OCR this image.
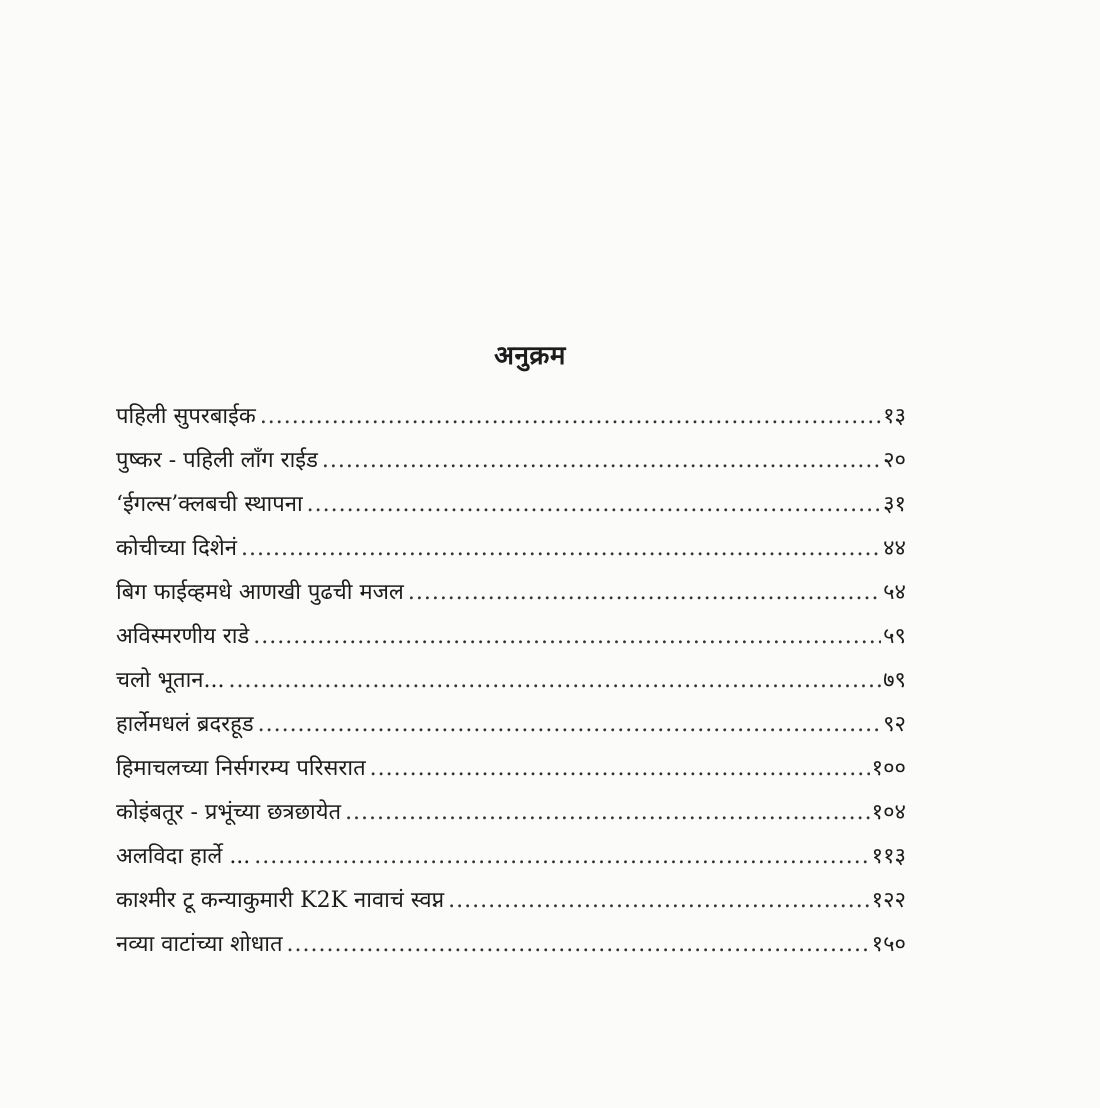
अनुक्रम
पहिली सुपरबाईक .....	१३
पुष्कर - पहिली लाँग राईड .....	२०
‘ईगल्स’क्लबची स्थापना .....	३१
कोचीच्या दिशेनं .....	४४
बिग फाईव्हमधे आणखी पुढची मजल .....	५४
अविस्मरणीय राडे .....	५९
चलो भूतान... .....	७९
हार्लेमधलं ब्रदरहूड .....	९२
हिमाचलच्या निर्सगरम्य परिसरात .....	१००
कोइंबतूर - प्रभूंच्या छत्रछायेत .....	१०४
अलविदा हार्ले ... .....	११३
काश्मीर टू कन्याकुमारी K2K नावाचं स्वप्न .....	१२२
नव्या वाटांच्या शोधात .....	१५०
